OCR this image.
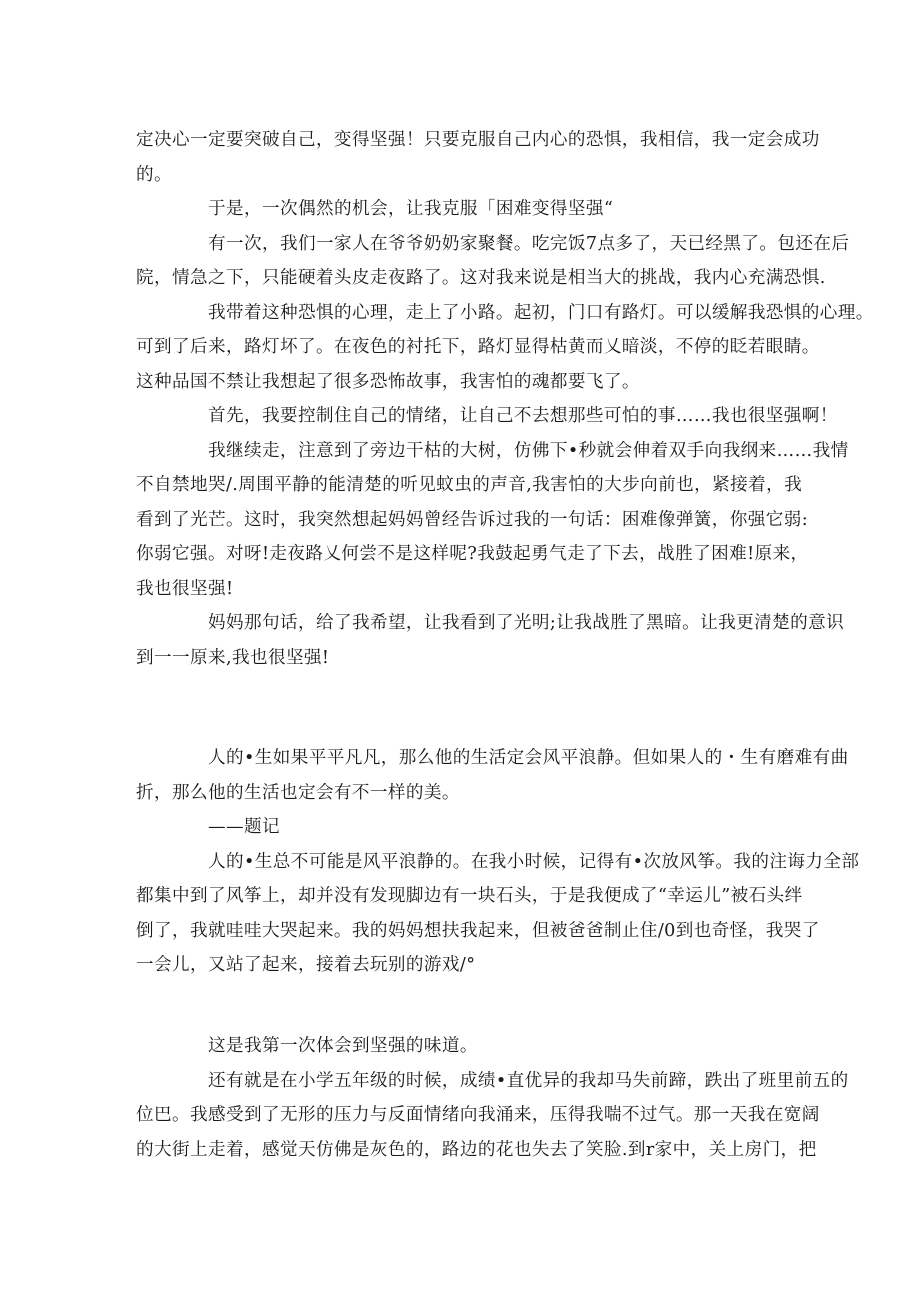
定决心一定要突破自己，变得坚强！只要克服自己内心的恐惧，我相信，我一定会成功
的。

于是，一次偶然的机会，让我克服「困难变得坚强“

有一次，我们一家人在爷爷奶奶家聚餐。吃完饭7点多了，天已经黑了。包还在后
院，情急之下，只能硬着头皮走夜路了。这对我来说是相当大的挑战，我内心充满恐惧.

我带着这种恐惧的心理，走上了小路。起初，门口有路灯。可以缓解我恐惧的心理。
可到了后来，路灯坏了。在夜色的衬托下，路灯显得枯黄而乂暗淡，不停的眨若眼睛。
这种品国不禁让我想起了很多恐怖故事，我害怕的魂都要飞了。

首先，我要控制住自己的情绪，让自己不去想那些可怕的事……我也很坚强啊！

我继续走，注意到了旁边干枯的大树，仿佛下•秒就会伸着双手向我纲来……我情
不自禁地哭/.周围平静的能清楚的听见蚊虫的声音,我害怕的大步向前也，紧接着，我
看到了光芒。这时，我突然想起妈妈曾经告诉过我的一句话：困难像弹簧，你强它弱:
你弱它强。对呀!走夜路乂何尝不是这样呢?我鼓起勇气走了下去，战胜了困难!原来，
我也很坚强!

妈妈那句话，给了我希望，让我看到了光明;让我战胜了黑暗。让我更清楚的意识
到一一原来,我也很坚强!

人的•生如果平平凡凡，那么他的生活定会风平浪静。但如果人的・生有磨难有曲
折，那么他的生活也定会有不一样的美。

——题记

人的•生总不可能是风平浪静的。在我小时候，记得有•次放风筝。我的注诲力全部
都集中到了风筝上，却并没有发现脚边有一块石头，于是我便成了“幸运儿”被石头绊
倒了，我就哇哇大哭起来。我的妈妈想扶我起来，但被爸爸制止住/0到也奇怪，我哭了
一会儿，又站了起来，接着去玩别的游戏/°

这是我第一次体会到坚强的味道。

还有就是在小学五年级的时候，成绩•直优异的我却马失前蹄，跌出了班里前五的
位巴。我感受到了无形的压力与反面情绪向我涌来，压得我喘不过气。那一天我在宽阔
的大街上走着，感觉天仿佛是灰色的，路边的花也失去了笑脸.到r家中，关上房门，把
